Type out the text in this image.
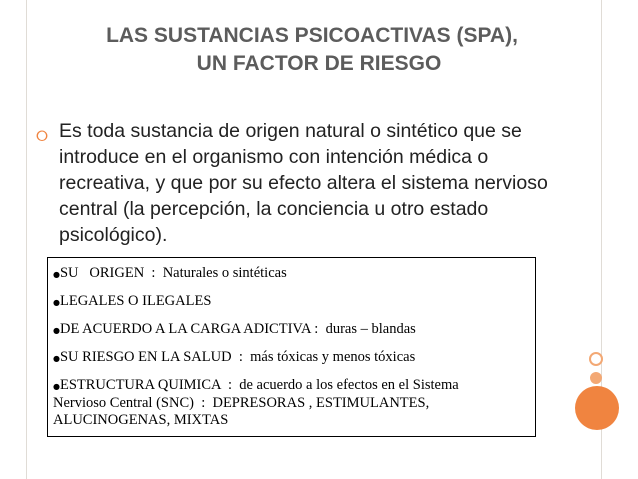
LAS SUSTANCIAS PSICOACTIVAS (SPA),
UN FACTOR DE RIESGO
⭘ Es toda sustancia de origen natural o sintético que se introduce en el organismo con intención médica o recreativa, y que por su efecto altera el sistema nervioso central (la percepción, la conciencia u otro estado psicológico).

●SU   ORIGEN  :  Naturales o sintéticas
●LEGALES O ILEGALES
●DE ACUERDO A LA CARGA ADICTIVA :  duras – blandas
●SU RIESGO EN LA SALUD  :  más tóxicas y menos tóxicas
●ESTRUCTURA QUIMICA  :  de acuerdo a los efectos en el Sistema
Nervioso Central (SNC)  :  DEPRESORAS , ESTIMULANTES,
ALUCINOGENAS, MIXTAS
